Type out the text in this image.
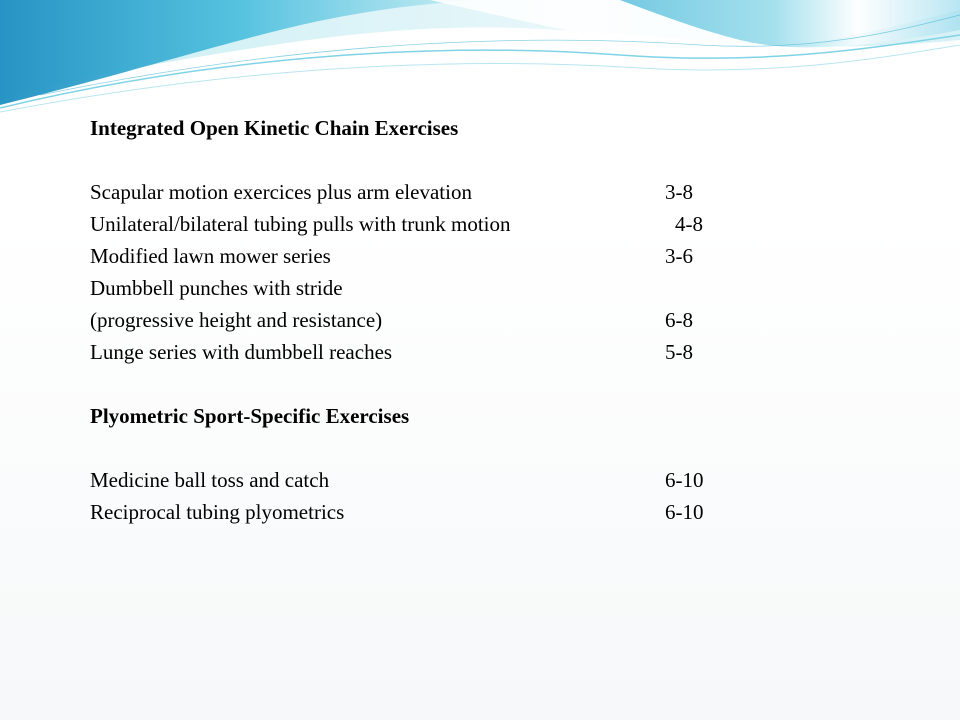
Integrated Open Kinetic Chain Exercises
Scapular motion exercices plus arm elevation	3-8
Unilateral/bilateral tubing pulls with trunk motion	4-8
Modified lawn mower series	3-6
Dumbbell punches with stride
(progressive height and resistance)	6-8
Lunge series with dumbbell reaches	5-8
Plyometric Sport-Specific Exercises
Medicine ball toss and catch	6-10
Reciprocal tubing plyometrics	6-10
